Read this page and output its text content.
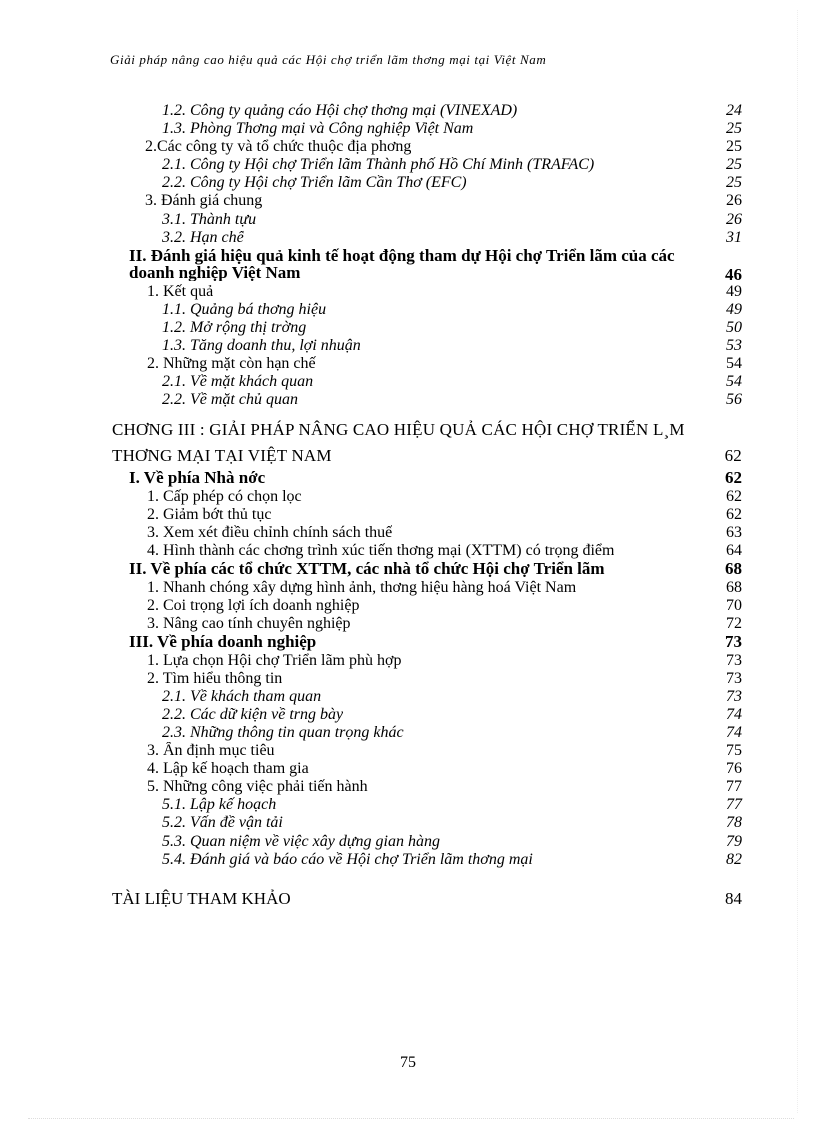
Giải pháp nâng cao hiệu quả các Hội chợ triển lãm thơng mại tại Việt Nam
1.2. Công ty quảng cáo Hội chợ thơng mại (VINEXAD)	24
1.3. Phòng Thơng mại và Công nghiệp Việt Nam	25
2.Các công ty và tổ chức thuộc địa phơng	25
2.1. Công ty Hội chợ Triển lãm Thành phố Hồ Chí Minh (TRAFAC)	25
2.2. Công ty Hội chợ Triển lãm Cần Thơ (EFC)	25
3. Đánh giá chung	26
3.1. Thành tựu	26
3.2. Hạn chế	31
II. Đánh giá hiệu quả kinh tế hoạt động tham dự Hội chợ Triển lãm của các doanh nghiệp Việt Nam	46
1. Kết quả	49
1.1. Quảng bá thơng hiệu	49
1.2. Mở rộng thị trờng	50
1.3. Tăng doanh thu, lợi nhuận	53
2. Những mặt còn hạn chế	54
2.1. Về mặt khách quan	54
2.2. Về mặt chủ quan	56
CHƠNG III : GIẢI PHÁP NÂNG CAO HIỆU QUẢ CÁC HỘI CHỢ TRIỂN L¸M THƠNG MẠI TẠI VIỆT NAM	62
I. Về phía Nhà nớc	62
1. Cấp phép có chọn lọc	62
2. Giảm bớt thủ tục	62
3. Xem xét điều chỉnh chính sách thuế	63
4. Hình thành các chơng trình xúc tiến thơng mại (XTTM) có trọng điểm	64
II. Về phía các tổ chức XTTM, các nhà tổ chức Hội chợ Triển lãm	68
1. Nhanh chóng xây dựng hình ảnh, thơng hiệu hàng hoá Việt Nam	68
2. Coi trọng lợi ích doanh nghiệp	70
3. Nâng cao tính chuyên nghiệp	72
III. Về phía doanh nghiệp	73
1. Lựa chọn Hội chợ Triển lãm phù hợp	73
2. Tìm hiểu thông tin	73
2.1. Về khách tham quan	73
2.2. Các dữ kiện về trng bày	74
2.3. Những thông tin quan trọng khác	74
3. Ấn định mục tiêu	75
4. Lập kế hoạch tham gia	76
5. Những công việc phải tiến hành	77
5.1. Lập kế hoạch	77
5.2. Vấn đề vận tải	78
5.3. Quan niệm về việc xây dựng gian hàng	79
5.4. Đánh giá và báo cáo về Hội chợ Triển lãm thơng mại	82
TÀI LIỆU THAM KHẢO	84
75
